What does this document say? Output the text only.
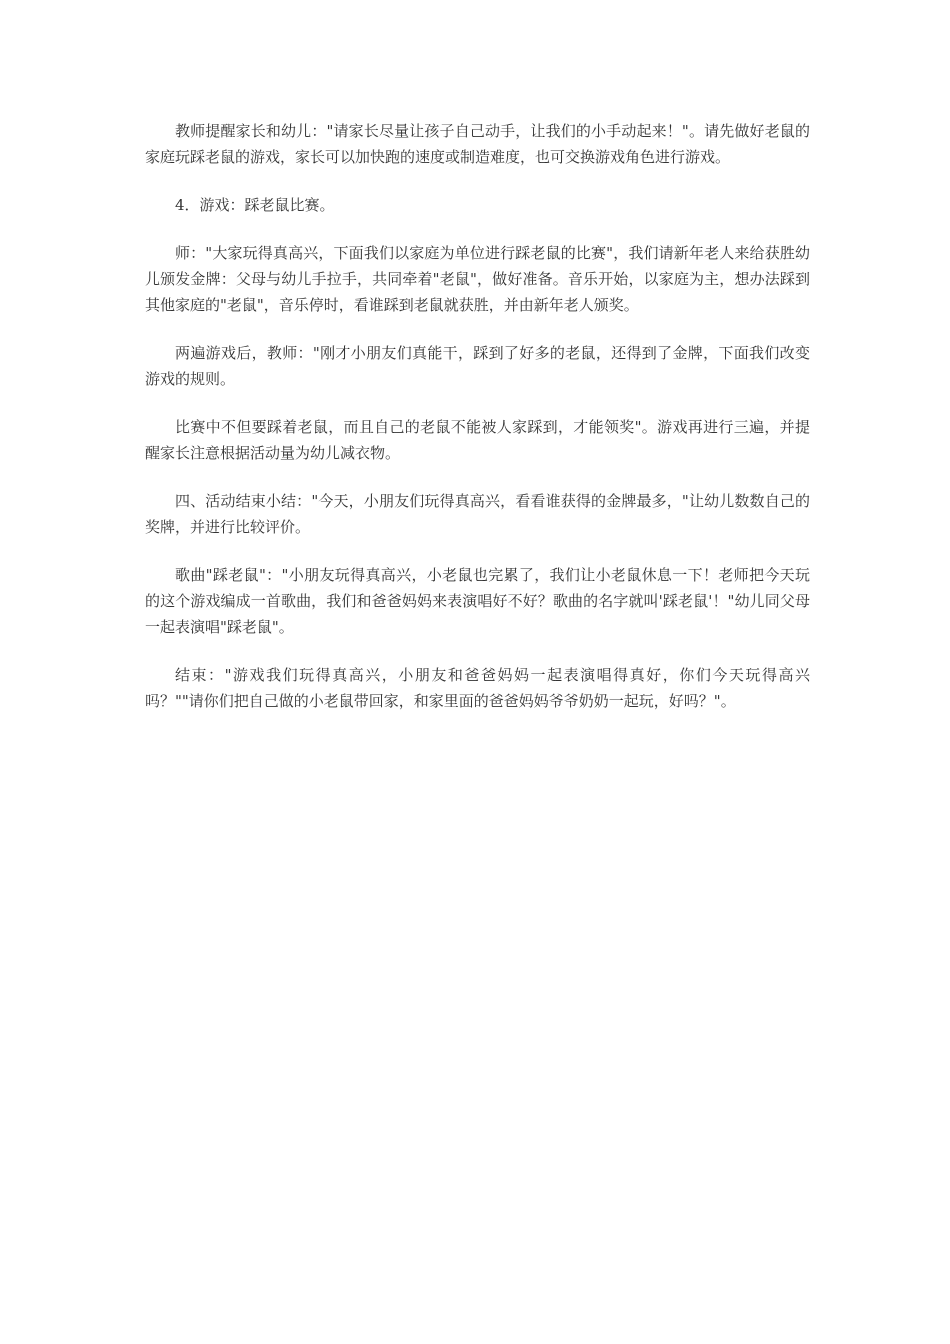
教师提醒家长和幼儿："请家长尽量让孩子自己动手，让我们的小手动起来！"。请先做好老鼠的家庭玩踩老鼠的游戏，家长可以加快跑的速度或制造难度，也可交换游戏角色进行游戏。

4．游戏：踩老鼠比赛。

师："大家玩得真高兴，下面我们以家庭为单位进行踩老鼠的比赛"，我们请新年老人来给获胜幼儿颁发金牌：父母与幼儿手拉手，共同牵着"老鼠"，做好准备。音乐开始，以家庭为主，想办法踩到其他家庭的"老鼠"，音乐停时，看谁踩到老鼠就获胜，并由新年老人颁奖。

两遍游戏后，教师："刚才小朋友们真能干，踩到了好多的老鼠，还得到了金牌，下面我们改变游戏的规则。

比赛中不但要踩着老鼠，而且自己的老鼠不能被人家踩到，才能领奖"。游戏再进行三遍，并提醒家长注意根据活动量为幼儿减衣物。

四、活动结束小结："今天，小朋友们玩得真高兴，看看谁获得的金牌最多，"让幼儿数数自己的奖牌，并进行比较评价。

歌曲"踩老鼠"："小朋友玩得真高兴，小老鼠也完累了，我们让小老鼠休息一下！老师把今天玩的这个游戏编成一首歌曲，我们和爸爸妈妈来表演唱好不好？歌曲的名字就叫'踩老鼠'！"幼儿同父母一起表演唱"踩老鼠"。

结束："游戏我们玩得真高兴，小朋友和爸爸妈妈一起表演唱得真好，你们今天玩得高兴吗？""请你们把自己做的小老鼠带回家，和家里面的爸爸妈妈爷爷奶奶一起玩，好吗？"。
